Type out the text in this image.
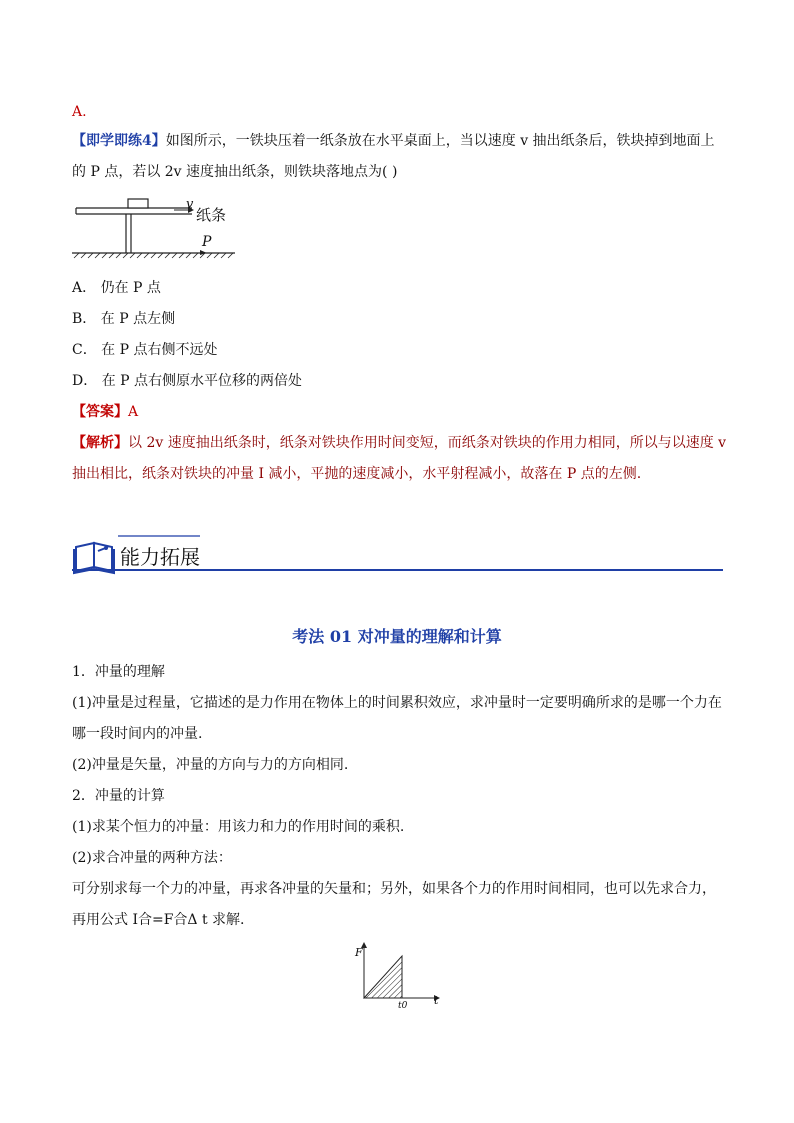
A.
【即学即练4】如图所示，一铁块压着一纸条放在水平桌面上，当以速度 v 抽出纸条后，铁块掉到地面上
的 P 点，若以 2v 速度抽出纸条，则铁块落地点为( )
v
纸条
P
A． 仍在 P 点
B． 在 P 点左侧
C． 在 P 点右侧不远处
D． 在 P 点右侧原水平位移的两倍处
【答案】A
【解析】以 2v 速度抽出纸条时，纸条对铁块作用时间变短，而纸条对铁块的作用力相同，所以与以速度 v
抽出相比，纸条对铁块的冲量 I 减小，平抛的速度减小，水平射程减小，故落在 P 点的左侧.
能力拓展
考法 01 对冲量的理解和计算
1．冲量的理解
(1)冲量是过程量，它描述的是力作用在物体上的时间累积效应，求冲量时一定要明确所求的是哪一个力在
哪一段时间内的冲量.
(2)冲量是矢量，冲量的方向与力的方向相同.
2．冲量的计算
(1)求某个恒力的冲量：用该力和力的作用时间的乘积.
(2)求合冲量的两种方法：
可分别求每一个力的冲量，再求各冲量的矢量和；另外，如果各个力的作用时间相同，也可以先求合力，
再用公式 I合=F合Δ t 求解.
F
t
t0
